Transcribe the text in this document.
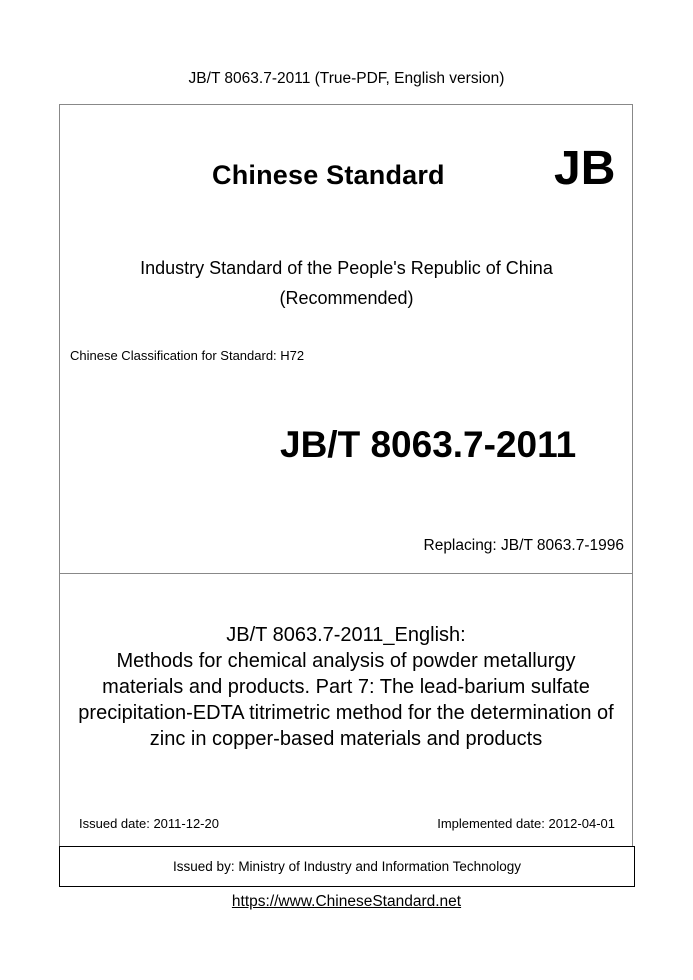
JB/T 8063.7-2011 (True-PDF, English version)
Chinese Standard JB
Industry Standard of the People's Republic of China
(Recommended)
Chinese Classification for Standard: H72
JB/T 8063.7-2011
Replacing: JB/T 8063.7-1996
JB/T 8063.7-2011_English:
Methods for chemical analysis of powder metallurgy
materials and products. Part 7: The lead-barium sulfate
precipitation-EDTA titrimetric method for the determination of
zinc in copper-based materials and products
Issued date: 2011-12-20	Implemented date: 2012-04-01
Issued by: Ministry of Industry and Information Technology
https://www.ChineseStandard.net
